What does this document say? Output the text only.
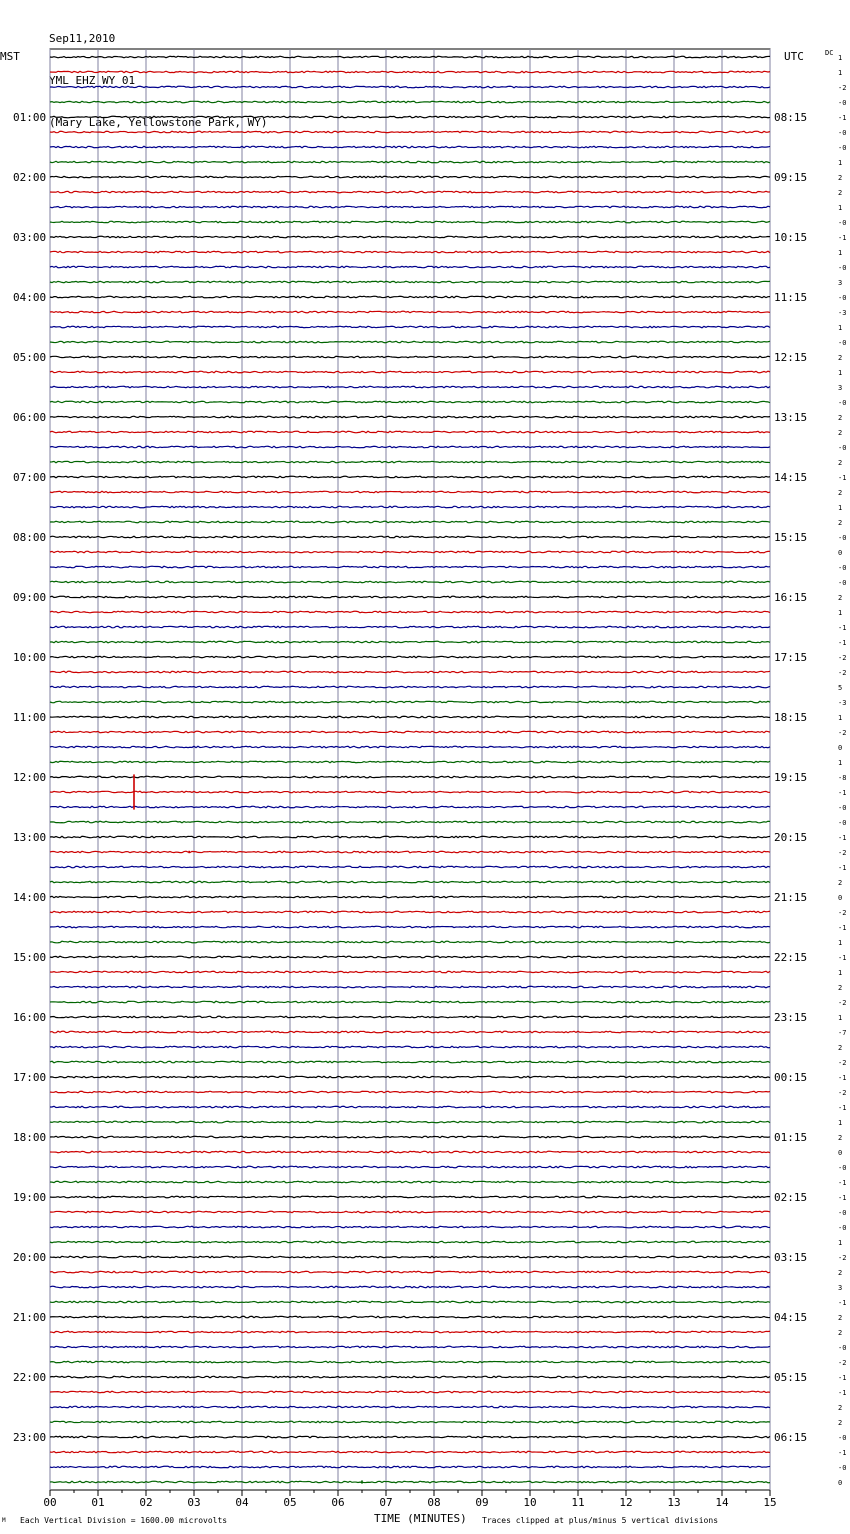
Sep11,2010

YML EHZ WY 01

(Mary Lake, Yellowstone Park, WY)

MST	UTC	DC
00	01	02	03	04	05	06	07	08	09	10	11	12	13	14	15
1
1
-2
-0
-1
-0
-0
1
2
2
1
-0
-1
1
-0
3
-0
-3
1
-0
2
1
3
-0
2
2
-0
2
-1
2
1
2
-0
0
-0
-0
2
1
-1
-1
-2
-2
5
-3
1
-2
0
1
-8
-1
-0
-0
-1
-2
-1
2
0
-2
-1
1
-1
1
2
-2
1
-7
2
-2
-1
-2
-1
1
2
0
-0
-1
-1
-0
-0
1
-2
2
3
-1
2
2
-0
-2
-1
-1
2
2
-0
-1
-0
0
01:00
02:00
03:00
04:00
05:00
06:00
07:00
08:00
09:00
10:00
11:00
12:00
13:00
14:00
15:00
16:00
17:00
18:00
19:00
20:00
21:00
22:00
23:00
08:15
09:15
10:15
11:15
12:15
13:15
14:15
15:15
16:15
17:15
18:15
19:15
20:15
21:15
22:15
23:15
00:15
01:15
02:15
03:15
04:15
05:15
06:15
M Each Vertical Division = 1600.00 microvolts	TIME (MINUTES) Traces clipped at plus/minus 5 vertical divisions
